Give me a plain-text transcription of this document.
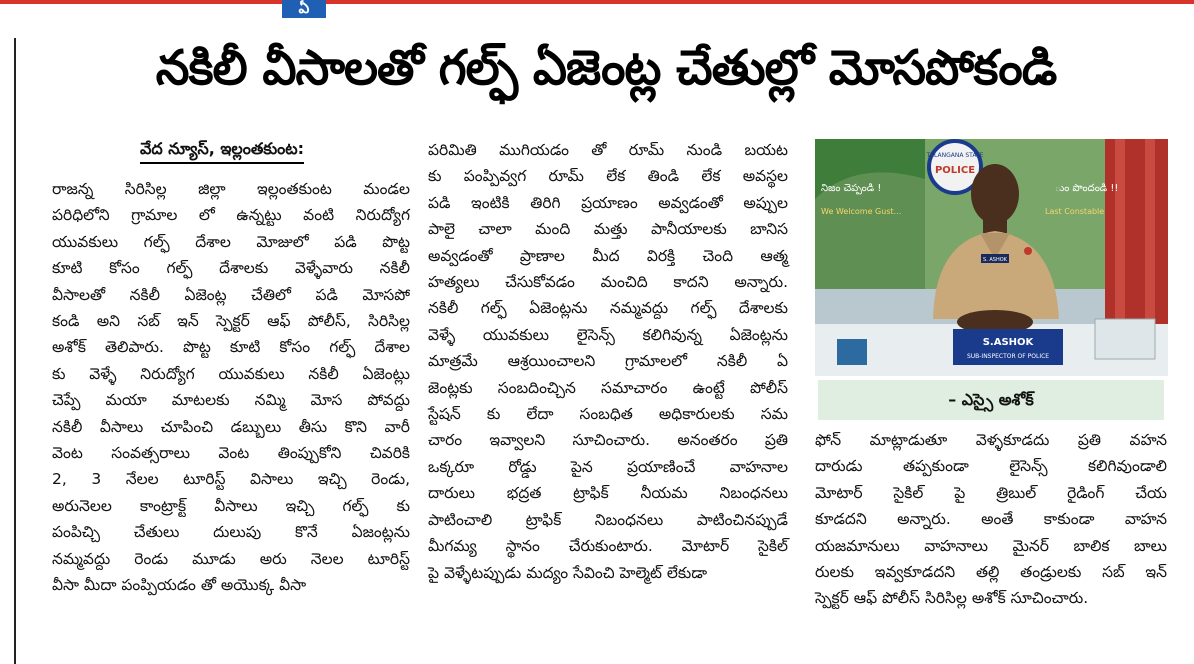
ఏ
నకిలీ వీసాలతో గల్ఫ్ ఏజెంట్ల చేతుల్లో మోసపోకండి
వేద న్యూస్, ఇల్లంతకుంట:

రాజన్న సిరిసిల్ల జిల్లా ఇల్లంతకుంట మండల

పరిధిలోని గ్రామాల లో ఉన్నట్టు వంటి నిరుద్యోగ

యువకులు గల్ఫ్ దేశాల మోజులో పడి పొట్ట

కూటి కోసం గల్ఫ్ దేశాలకు వెళ్ళేవారు నకిలీ

వీసాలతో నకిలీ ఏజెంట్ల చేతిలో పడి మోసపో

కండి అని సబ్ ఇన్ స్పెక్టర్ ఆఫ్ పోలీస్, సిరిసిల్ల

అశోక్ తెలిపారు. పొట్ట కూటి కోసం గల్ఫ్ దేశాల

కు వెళ్ళే నిరుద్యోగ యువకులు నకిలీ ఏజెంట్లు

చెప్పే మయా మాటలకు నమ్మి మోస పోవద్దు

నకిలీ వీసాలు చూపించి డబ్బులు తీసు కొని వారీ

వెంట సంవత్సరాలు వెంట తింప్పుకోని చివరికి

2, 3 నేలల టూరిస్ట్ విసాలు ఇచ్చి రెండు,

అరునెలల కాంట్రాక్ట్ వీసాలు ఇచ్చి గల్ఫ్ కు

పంపిచ్చి చేతులు దులుపు కొనే ఏజంట్లను

నమ్మవద్దు రెండు మూడు అరు నెలల టూరిస్ట్

వీసా మీదా పంప్పియడం తో అయొక్క వీసా

పరిమితి ముగియడం తో రూమ్ నుండి బయట

కు పంప్పివ్వగ రూమ్ లేక తిండి లేక అవస్థల

పడి ఇంటికి తిరిగి ప్రయాణం అవ్వడంతో అప్పుల

పాలై చాలా మంది మత్తు పానీయాలకు బానిస

అవ్వడంతో ప్రాణాల మీద విరక్తి చెంది ఆత్మ

హత్యలు చేసుకోవడం మంచిది కాదని అన్నారు.

నకిలీ గల్ఫ్ ఏజెంట్లను నమ్మవద్దు గల్ఫ్ దేశాలకు

వెళ్ళే యువకులు లైసెన్స్ కలిగివున్న ఏజెంట్లను

మాత్రమే ఆశ్రయించాలని గ్రామాలలో నకిలీ ఏ

జెంట్లకు సంబదించ్చిన సమాచారం ఉంట్టే పోలీస్

స్టేషన్ కు లేదా సంబధిత అధికారులకు సమ

చారం ఇవ్వాలని సూచించారు. అనంతరం ప్రతి

ఒక్కరూ రోడ్డు పైన ప్రయాణించే వాహనాల

దారులు భద్రత ట్రాఫిక్ నీయమ నిబంధనలు

పాటించాలి ట్రాఫిక్ నిబంధనలు పాటించినప్పుడే

మీగమ్య స్థానం చేరుకుంటారు. మోటార్ సైకిల్

పై వెళ్ళేటప్పుడు మద్యం సేవించి హెల్మెట్ లేకుడా

ఫోన్ మాట్లాడుతూ వెళ్ళకూడదు ప్రతి వహన

దారుడు తప్పకుండా లైసెన్స్ కలిగివుండాలి

మోటార్ సైకిల్ పై త్రిబుల్ రైడింగ్ చేయ

కూడదని అన్నారు. అంతే కాకుండా వాహన

యజమానులు వాహనాలు మైనర్ బాలిక బాలు

రులకు ఇవ్వకూడదని తల్లి తండ్రులకు సబ్ ఇన్

స్పెక్టర్ ఆఫ్ పోలీస్ సిరిసిల్ల అశోక్ సూచించారు.

TELANGANA STATE
POLICE
నిజం చెప్పండి !	ుం పొందండి !!
We Welcome Gust...	Last Constable
S. ASHOK
S.ASHOK
SUB-INSPECTOR OF POLICE
– ఎస్సై అశోక్
